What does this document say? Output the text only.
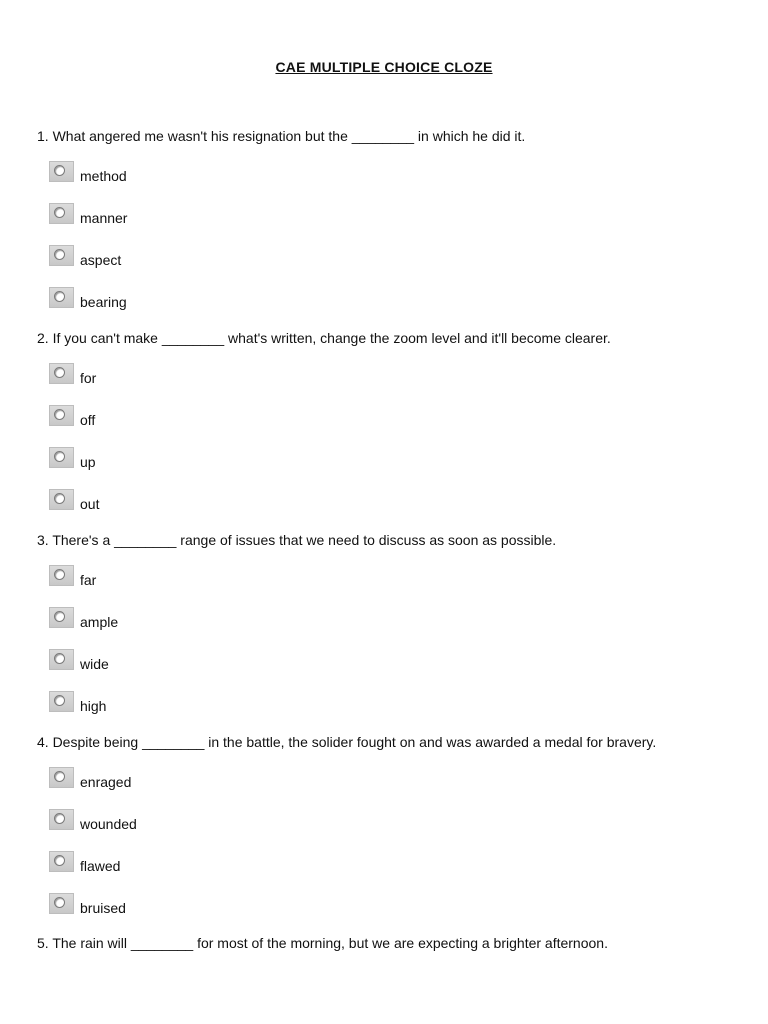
CAE MULTIPLE CHOICE CLOZE

1. What angered me wasn't his resignation but the ________ in which he did it.

method
manner
aspect
bearing

2. If you can't make ________ what's written, change the zoom level and it'll become clearer.

for
off
up
out

3. There's a ________ range of issues that we need to discuss as soon as possible.

far
ample
wide
high

4. Despite being ________ in the battle, the solider fought on and was awarded a medal for bravery.

enraged
wounded
flawed
bruised

5. The rain will ________ for most of the morning, but we are expecting a brighter afternoon.
